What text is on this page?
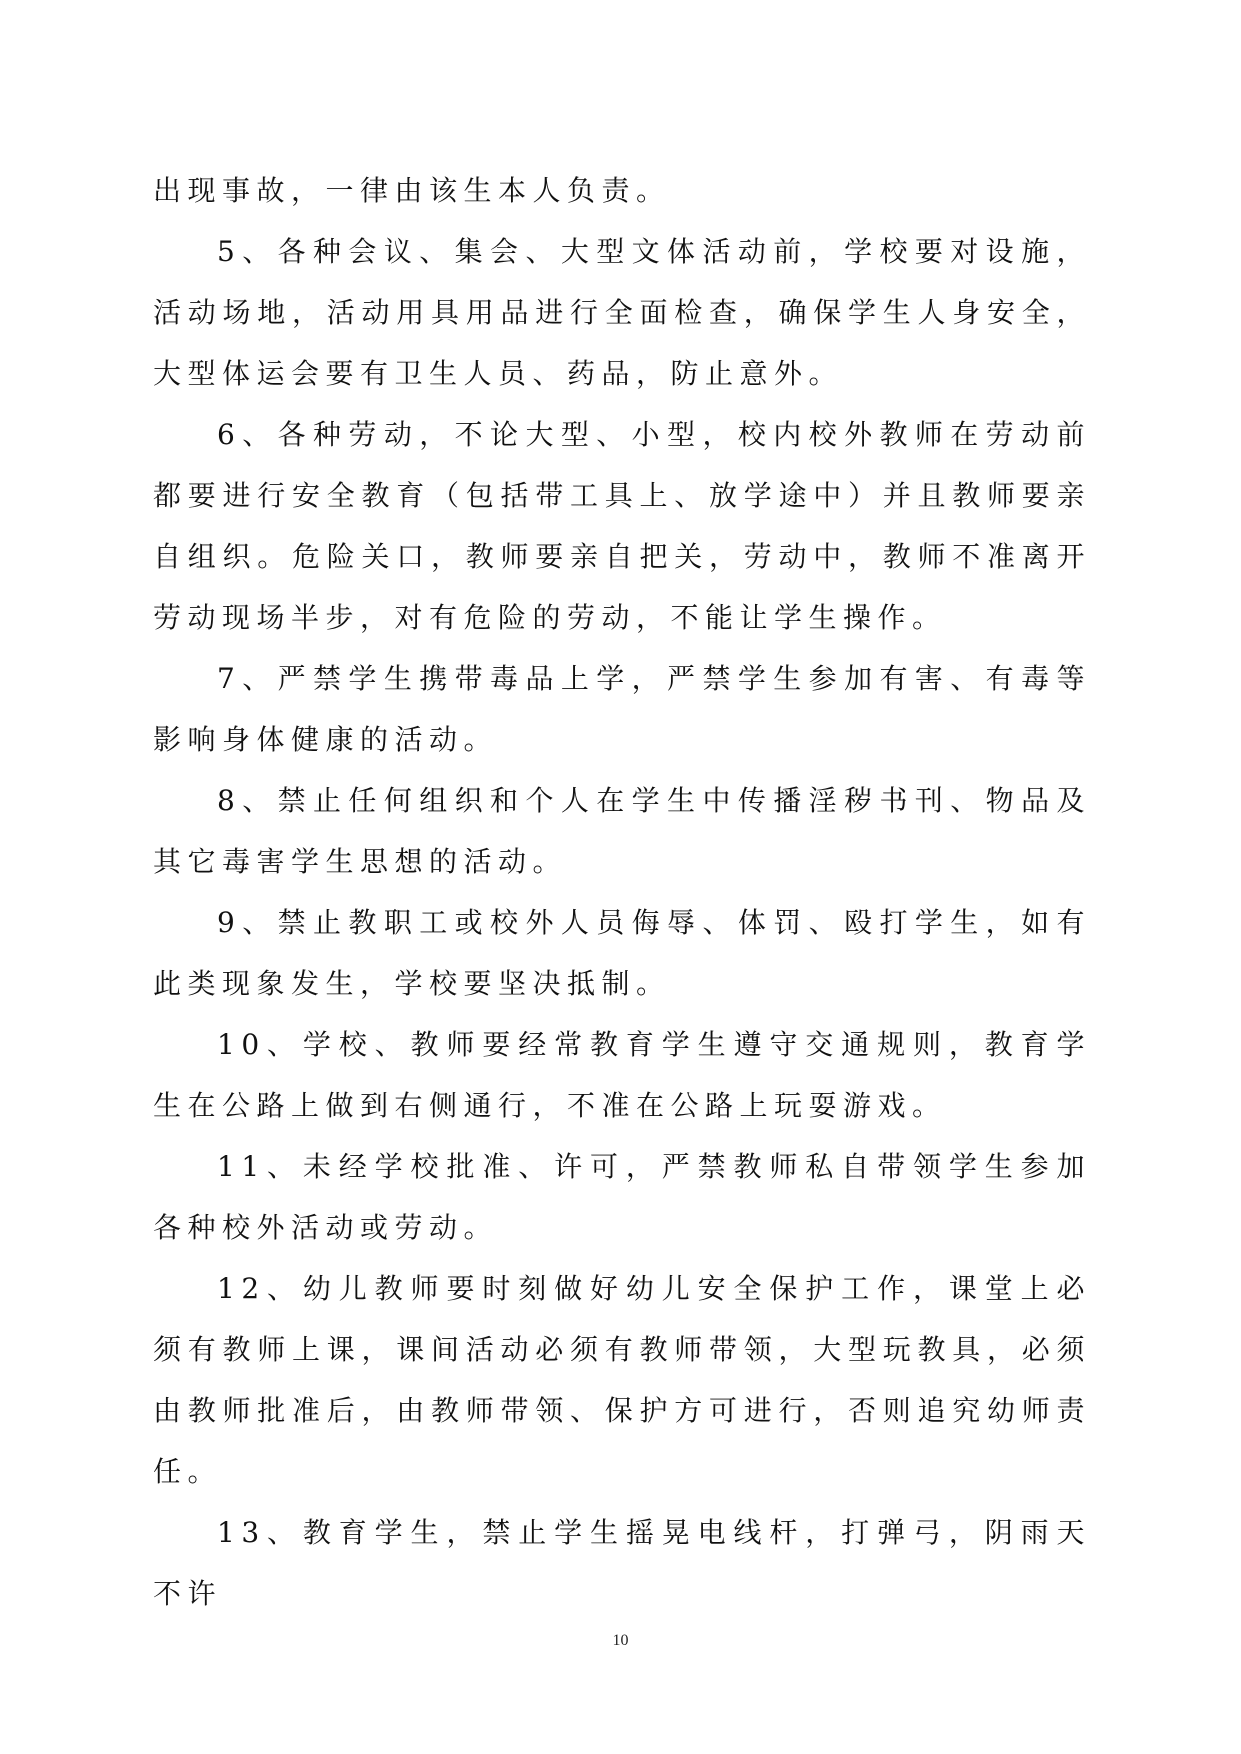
出现事故，一律由该生本人负责。

5、各种会议、集会、大型文体活动前，学校要对设施，活动场地，活动用具用品进行全面检查，确保学生人身安全，大型体运会要有卫生人员、药品，防止意外。

6、各种劳动，不论大型、小型，校内校外教师在劳动前都要进行安全教育（包括带工具上、放学途中）并且教师要亲自组织。危险关口，教师要亲自把关，劳动中，教师不准离开劳动现场半步，对有危险的劳动，不能让学生操作。

7、严禁学生携带毒品上学，严禁学生参加有害、有毒等影响身体健康的活动。

8、禁止任何组织和个人在学生中传播淫秽书刊、物品及其它毒害学生思想的活动。

9、禁止教职工或校外人员侮辱、体罚、殴打学生，如有此类现象发生，学校要坚决抵制。

10、学校、教师要经常教育学生遵守交通规则，教育学生在公路上做到右侧通行，不准在公路上玩耍游戏。

11、未经学校批准、许可，严禁教师私自带领学生参加各种校外活动或劳动。

12、幼儿教师要时刻做好幼儿安全保护工作，课堂上必须有教师上课，课间活动必须有教师带领，大型玩教具，必须由教师批准后，由教师带领、保护方可进行，否则追究幼师责任。

13、教育学生，禁止学生摇晃电线杆，打弹弓，阴雨天不许

10
